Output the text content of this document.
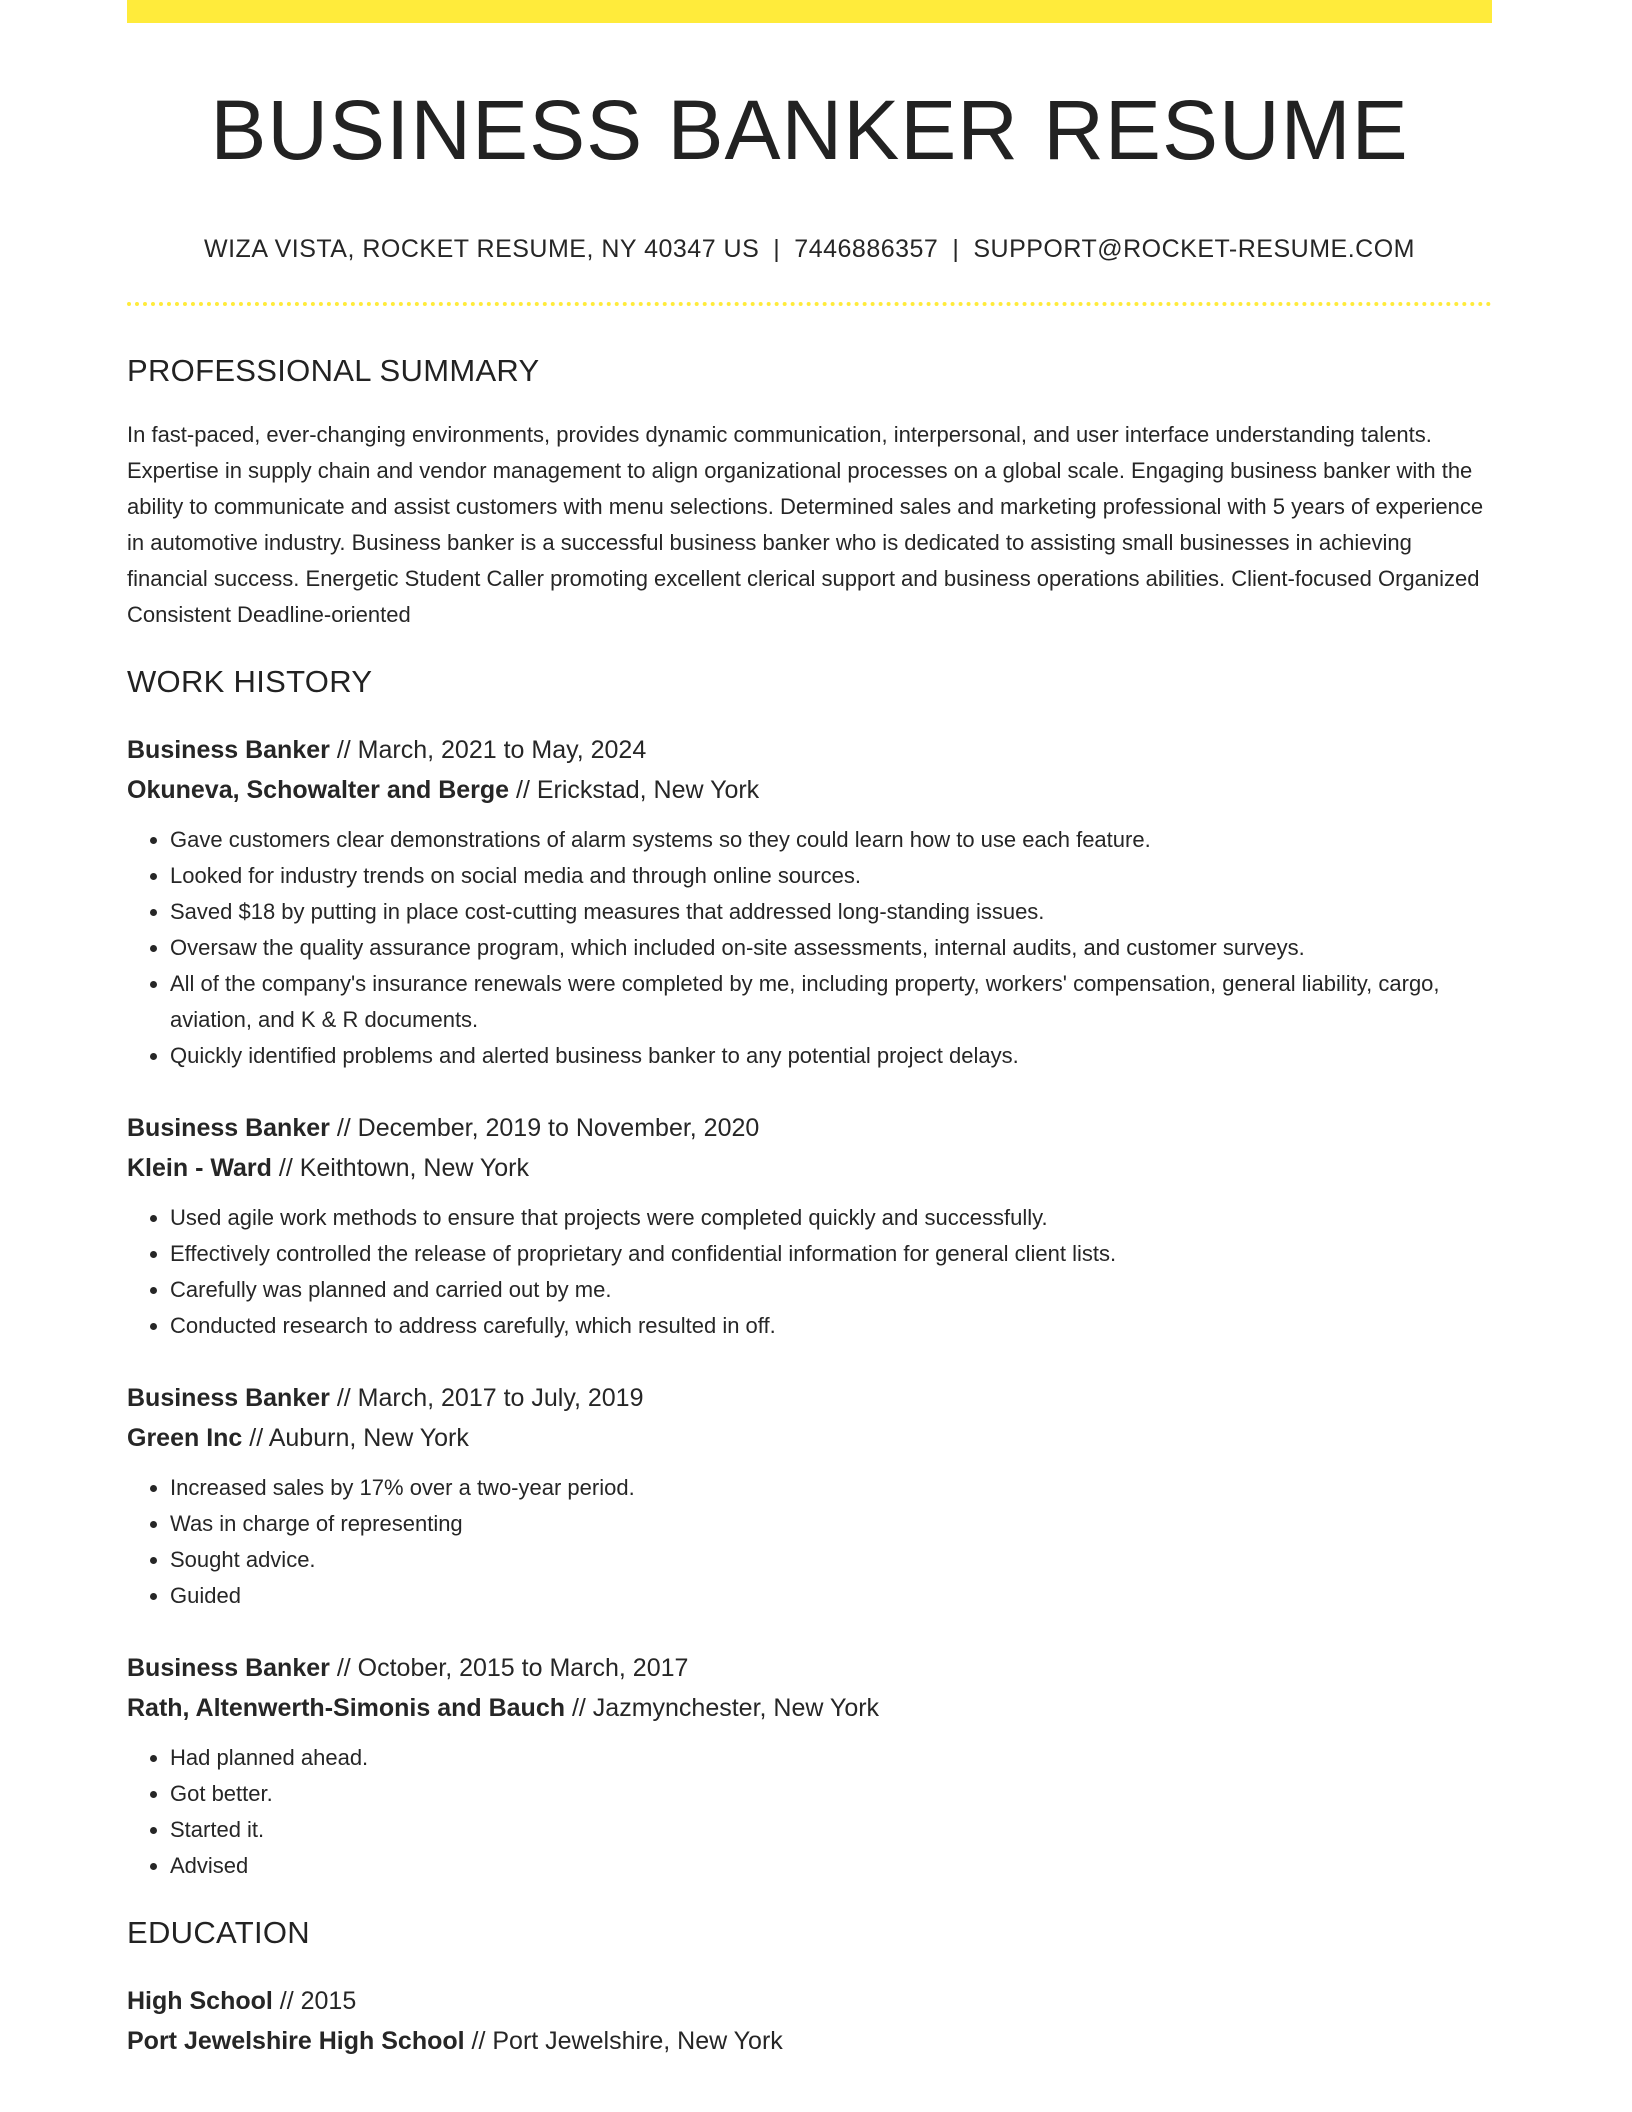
BUSINESS BANKER RESUME
WIZA VISTA, ROCKET RESUME, NY 40347 US | 7446886357 | SUPPORT@ROCKET-RESUME.COM
PROFESSIONAL SUMMARY

In fast-paced, ever-changing environments, provides dynamic communication, interpersonal, and user interface understanding talents. Expertise in supply chain and vendor management to align organizational processes on a global scale. Engaging business banker with the ability to communicate and assist customers with menu selections. Determined sales and marketing professional with 5 years of experience in automotive industry. Business banker is a successful business banker who is dedicated to assisting small businesses in achieving financial success. Energetic Student Caller promoting excellent clerical support and business operations abilities. Client-focused Organized Consistent Deadline-oriented

WORK HISTORY
Business Banker // March, 2021 to May, 2024
Okuneva, Schowalter and Berge // Erickstad, New York
• Gave customers clear demonstrations of alarm systems so they could learn how to use each feature.
• Looked for industry trends on social media and through online sources.
• Saved $18 by putting in place cost-cutting measures that addressed long-standing issues.
• Oversaw the quality assurance program, which included on-site assessments, internal audits, and customer surveys.
• All of the company's insurance renewals were completed by me, including property, workers' compensation, general liability, cargo, aviation, and K & R documents.
• Quickly identified problems and alerted business banker to any potential project delays.
Business Banker // December, 2019 to November, 2020
Klein - Ward // Keithtown, New York
• Used agile work methods to ensure that projects were completed quickly and successfully.
• Effectively controlled the release of proprietary and confidential information for general client lists.
• Carefully was planned and carried out by me.
• Conducted research to address carefully, which resulted in off.
Business Banker // March, 2017 to July, 2019
Green Inc // Auburn, New York
• Increased sales by 17% over a two-year period.
• Was in charge of representing
• Sought advice.
• Guided
Business Banker // October, 2015 to March, 2017
Rath, Altenwerth-Simonis and Bauch // Jazmynchester, New York
• Had planned ahead.
• Got better.
• Started it.
• Advised
EDUCATION
High School // 2015
Port Jewelshire High School // Port Jewelshire, New York
